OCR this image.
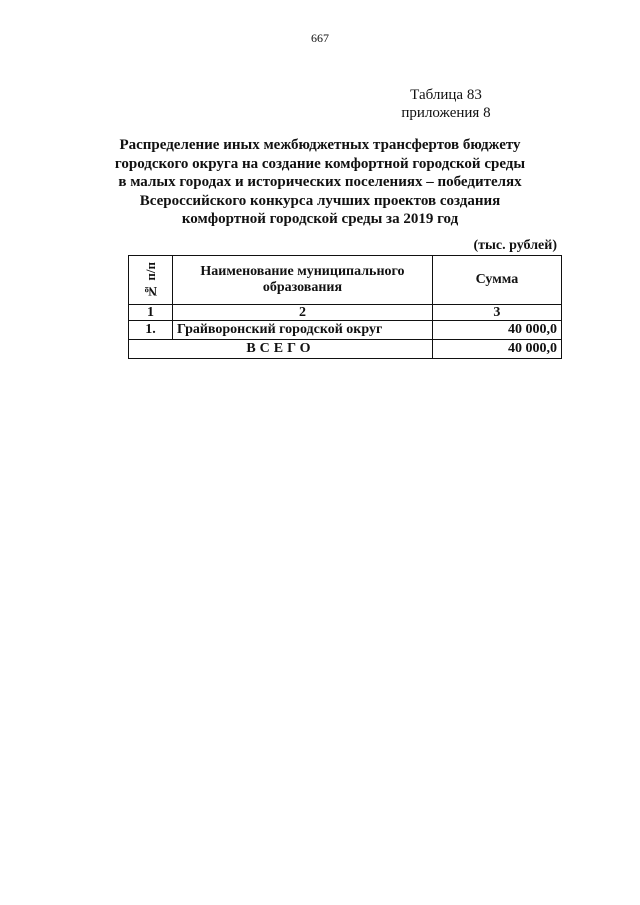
667
Таблица 83
приложения 8
Распределение иных межбюджетных трансфертов бюджету
городского округа на создание комфортной городской среды
в малых городах и исторических поселениях – победителях
Всероссийского конкурса лучших проектов создания
комфортной городской среды за 2019 год
(тыс. рублей)
№ п/п	Наименование муниципального образования	Сумма
1	2	3
1.	Грайворонский городской округ	40 000,0
ВСЕГО		40 000,0
